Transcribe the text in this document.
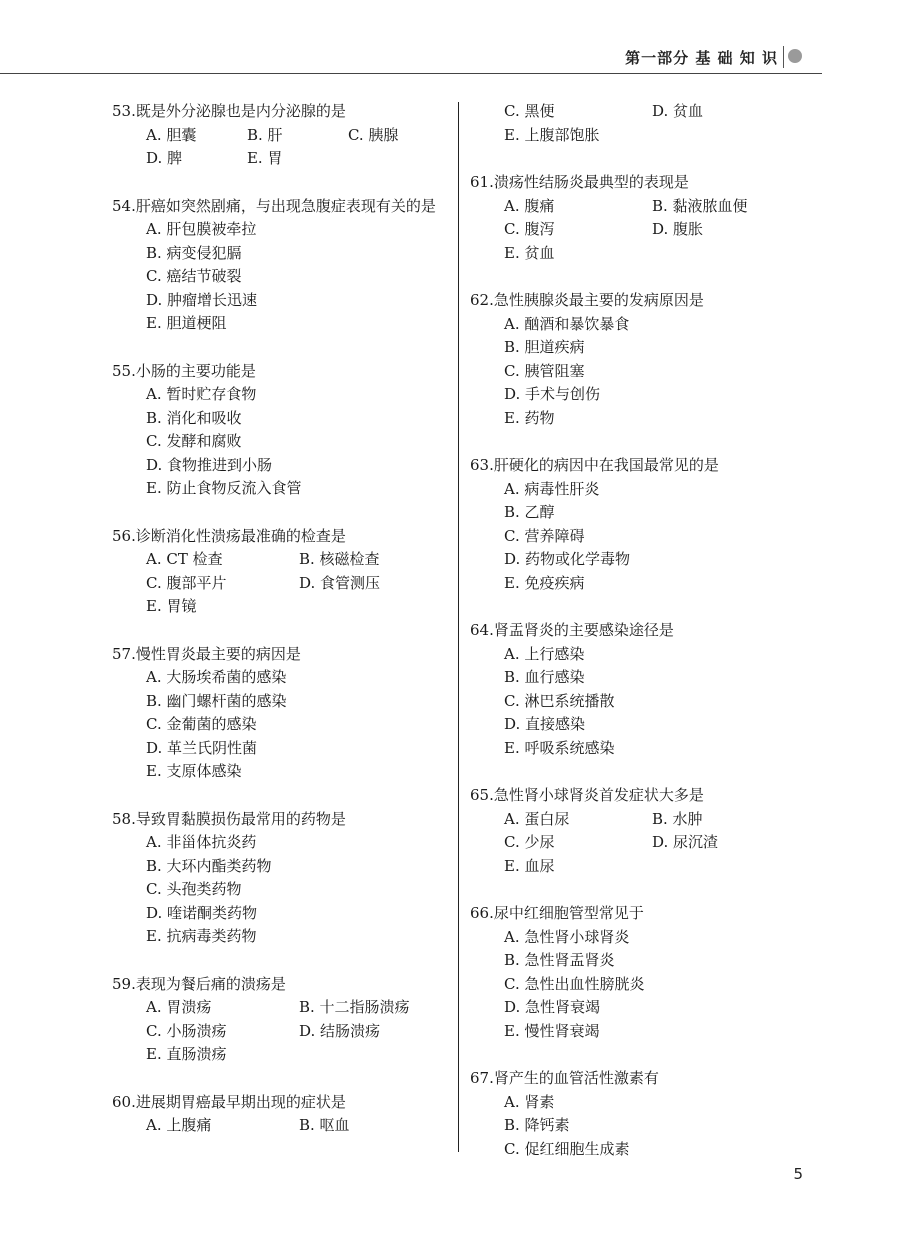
第一部分 基 础 知 识
53. 既是外分泌腺也是内分泌腺的是
A. 胆囊	B. 肝	C. 胰腺
D. 脾	E. 胃
54. 肝癌如突然剧痛，与出现急腹症表现有关的是
A. 肝包膜被牵拉
B. 病变侵犯膈
C. 癌结节破裂
D. 肿瘤增长迅速
E. 胆道梗阻
55. 小肠的主要功能是
A. 暂时贮存食物
B. 消化和吸收
C. 发酵和腐败
D. 食物推进到小肠
E. 防止食物反流入食管
56. 诊断消化性溃疡最准确的检查是
A. CT 检查	B. 核磁检查
C. 腹部平片	D. 食管测压
E. 胃镜
57. 慢性胃炎最主要的病因是
A. 大肠埃希菌的感染
B. 幽门螺杆菌的感染
C. 金葡菌的感染
D. 革兰氏阴性菌
E. 支原体感染
58. 导致胃黏膜损伤最常用的药物是
A. 非甾体抗炎药
B. 大环内酯类药物
C. 头孢类药物
D. 喹诺酮类药物
E. 抗病毒类药物
59. 表现为餐后痛的溃疡是
A. 胃溃疡	B. 十二指肠溃疡
C. 小肠溃疡	D. 结肠溃疡
E. 直肠溃疡
60. 进展期胃癌最早期出现的症状是
A. 上腹痛	B. 呕血
C. 黑便	D. 贫血
E. 上腹部饱胀
61. 溃疡性结肠炎最典型的表现是
A. 腹痛	B. 黏液脓血便
C. 腹泻	D. 腹胀
E. 贫血
62. 急性胰腺炎最主要的发病原因是
A. 酗酒和暴饮暴食
B. 胆道疾病
C. 胰管阻塞
D. 手术与创伤
E. 药物
63. 肝硬化的病因中在我国最常见的是
A. 病毒性肝炎
B. 乙醇
C. 营养障碍
D. 药物或化学毒物
E. 免疫疾病
64. 肾盂肾炎的主要感染途径是
A. 上行感染
B. 血行感染
C. 淋巴系统播散
D. 直接感染
E. 呼吸系统感染
65. 急性肾小球肾炎首发症状大多是
A. 蛋白尿	B. 水肿
C. 少尿	D. 尿沉渣
E. 血尿
66. 尿中红细胞管型常见于
A. 急性肾小球肾炎
B. 急性肾盂肾炎
C. 急性出血性膀胱炎
D. 急性肾衰竭
E. 慢性肾衰竭
67. 肾产生的血管活性激素有
A. 肾素
B. 降钙素
C. 促红细胞生成素
5
